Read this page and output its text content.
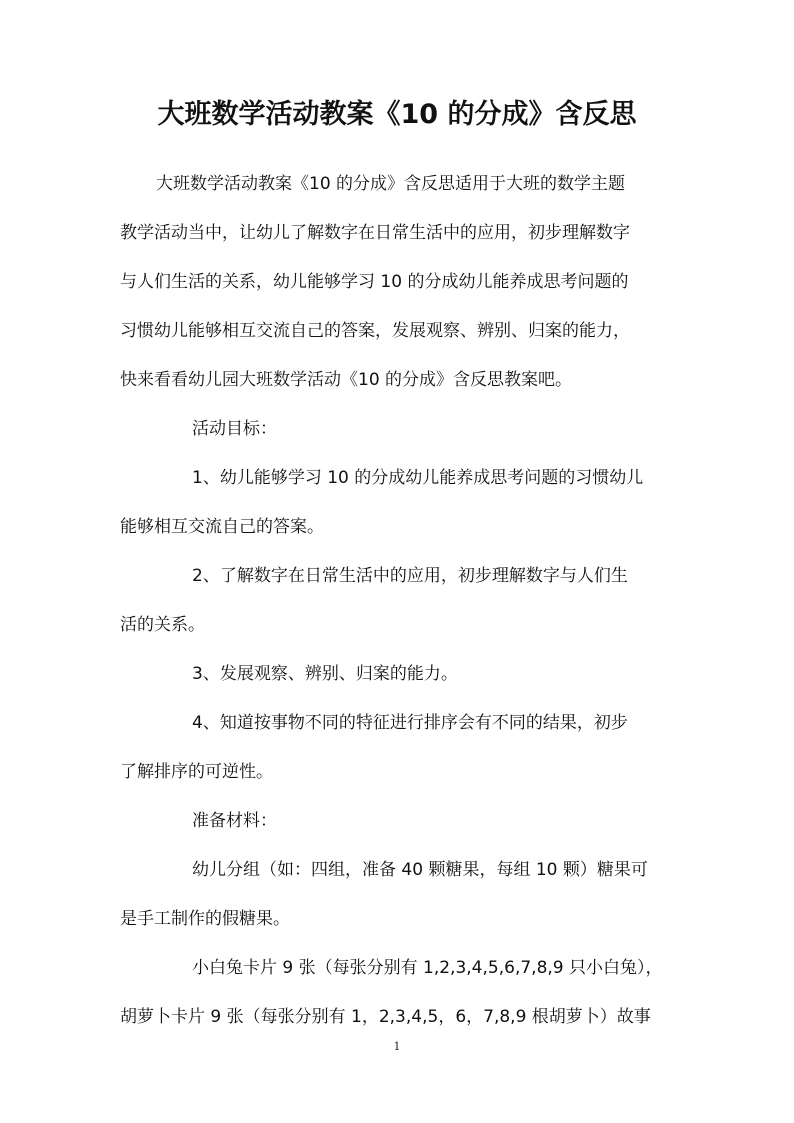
大班数学活动教案《10 的分成》含反思
大班数学活动教案《10 的分成》含反思适用于大班的数学主题
教学活动当中，让幼儿了解数字在日常生活中的应用，初步理解数字
与人们生活的关系，幼儿能够学习 10 的分成幼儿能养成思考问题的
习惯幼儿能够相互交流自己的答案，发展观察、辨别、归案的能力，
快来看看幼儿园大班数学活动《10 的分成》含反思教案吧。
活动目标：
1、幼儿能够学习 10 的分成幼儿能养成思考问题的习惯幼儿
能够相互交流自己的答案。
2、了解数字在日常生活中的应用，初步理解数字与人们生
活的关系。
3、发展观察、辨别、归案的能力。
4、知道按事物不同的特征进行排序会有不同的结果，初步
了解排序的可逆性。
准备材料：
幼儿分组（如：四组，准备 40 颗糖果，每组 10 颗）糖果可
是手工制作的假糖果。
小白兔卡片 9 张（每张分别有 1,2,3,4,5,6,7,8,9 只小白兔），
胡萝卜卡片 9 张（每张分别有 1，2,3,4,5，6，7,8,9 根胡萝卜）故事
1
